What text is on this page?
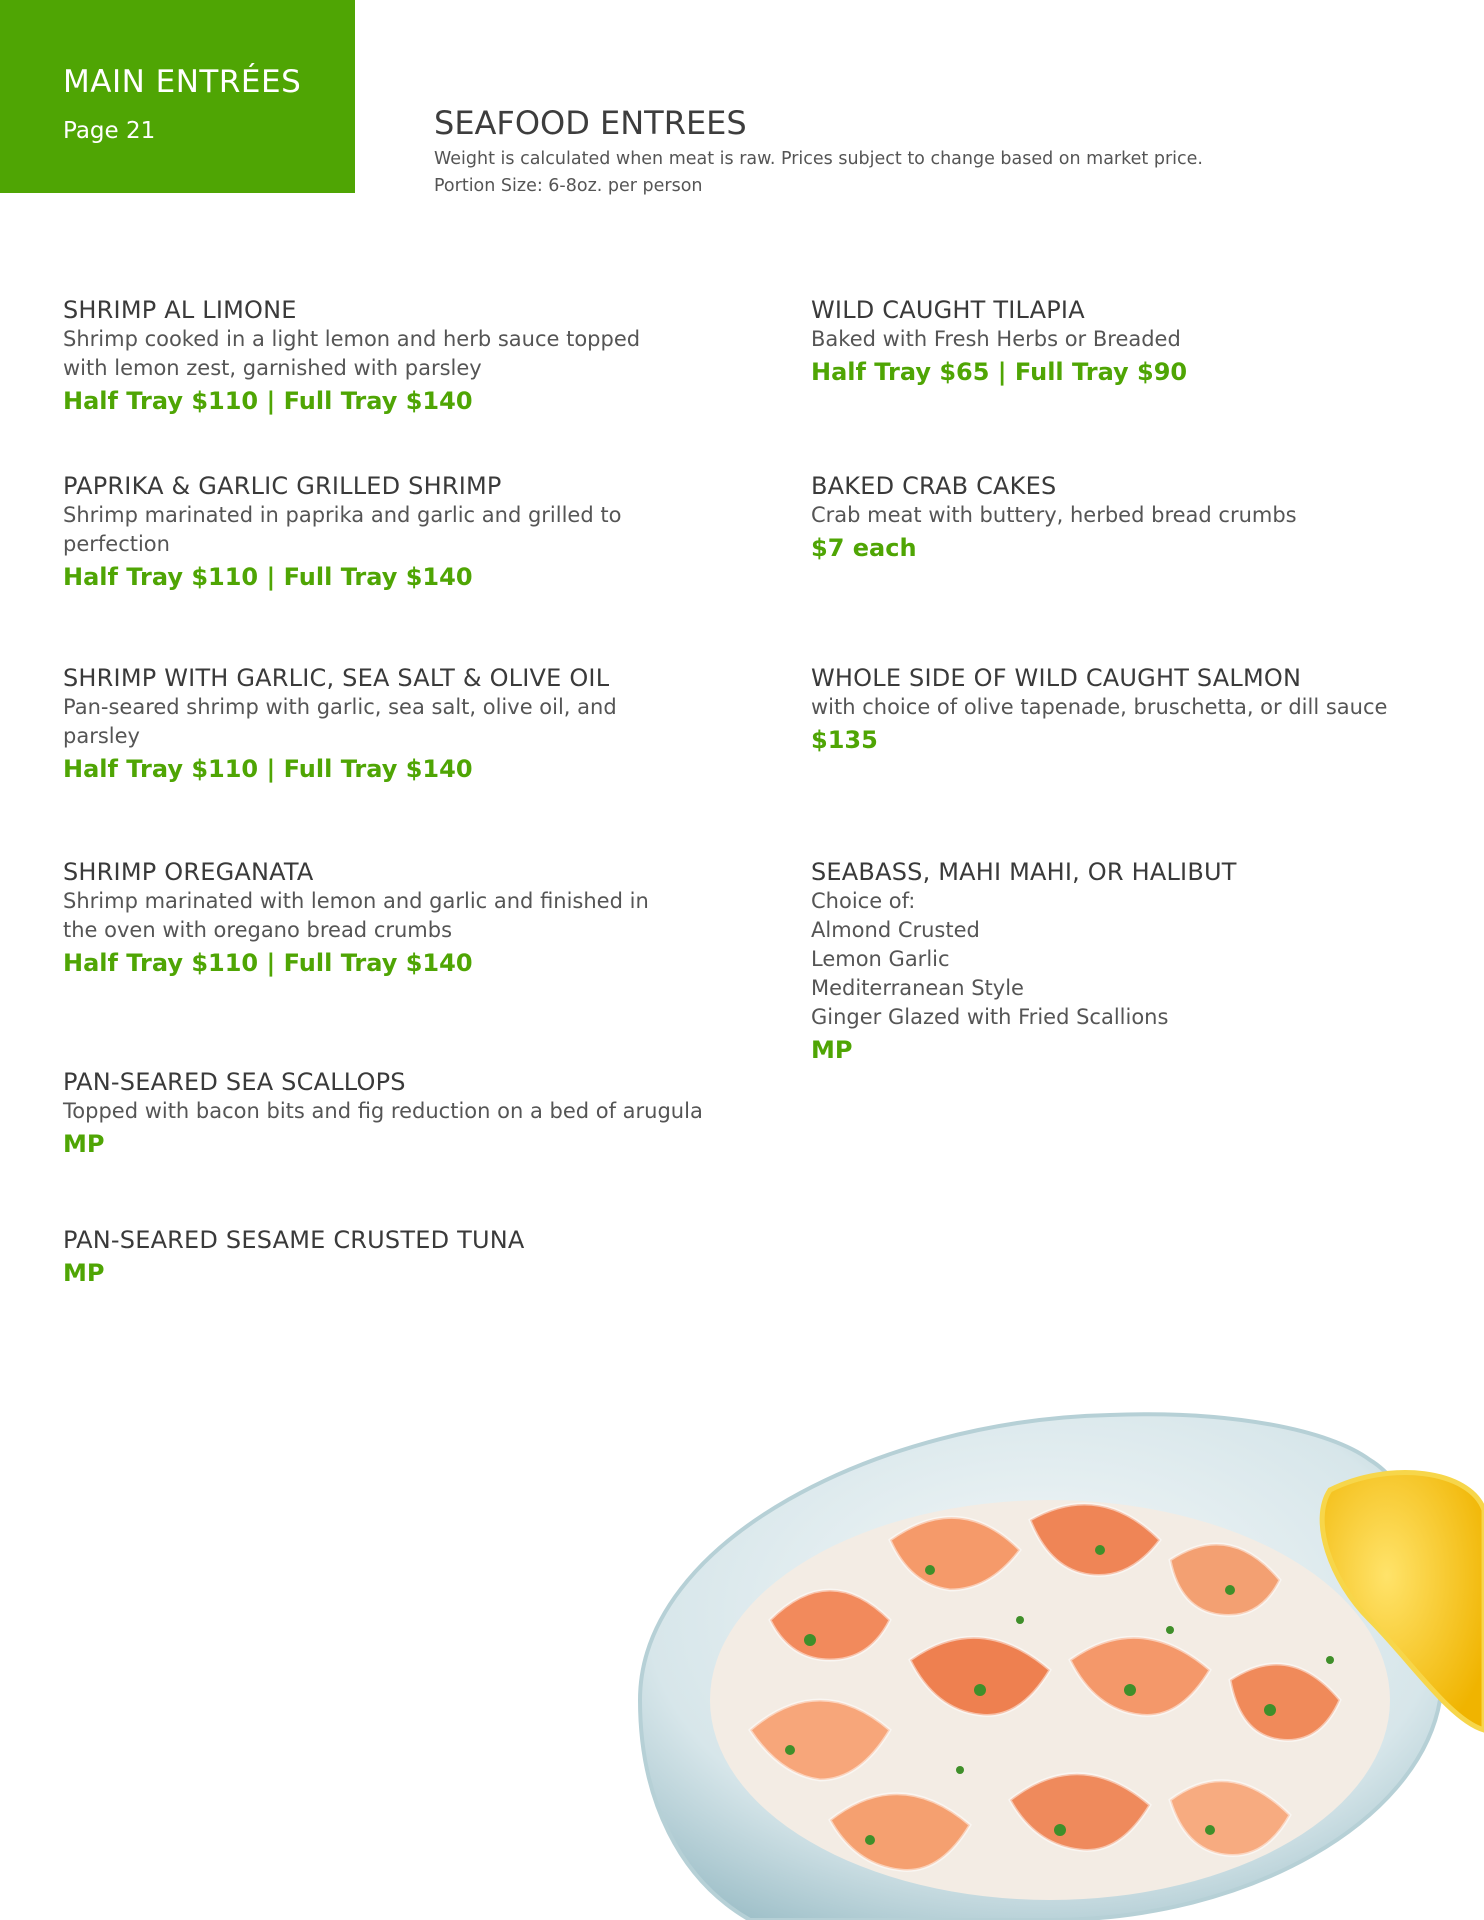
MAIN ENTRÉES
Page 21	SEAFOOD ENTREES
Weight is calculated when meat is raw. Prices subject to change based on market price.
Portion Size: 6-8oz. per person
SHRIMP AL LIMONE
Shrimp cooked in a light lemon and herb sauce topped
with lemon zest, garnished with parsley
Half Tray $110 | Full Tray $140
PAPRIKA & GARLIC GRILLED SHRIMP
Shrimp marinated in paprika and garlic and grilled to
perfection
Half Tray $110 | Full Tray $140
SHRIMP WITH GARLIC, SEA SALT & OLIVE OIL
Pan-seared shrimp with garlic, sea salt, olive oil, and
parsley
Half Tray $110 | Full Tray $140
SHRIMP OREGANATA
Shrimp marinated with lemon and garlic and finished in
the oven with oregano bread crumbs
Half Tray $110 | Full Tray $140
PAN-SEARED SEA SCALLOPS
Topped with bacon bits and fig reduction on a bed of arugula
MP
PAN-SEARED SESAME CRUSTED TUNA
MP
WILD CAUGHT TILAPIA
Baked with Fresh Herbs or Breaded
Half Tray $65 | Full Tray $90
BAKED CRAB CAKES
Crab meat with buttery, herbed bread crumbs
$7 each
WHOLE SIDE OF WILD CAUGHT SALMON
with choice of olive tapenade, bruschetta, or dill sauce
$135
SEABASS, MAHI MAHI, OR HALIBUT
Choice of:
Almond Crusted
Lemon Garlic
Mediterranean Style
Ginger Glazed with Fried Scallions
MP
